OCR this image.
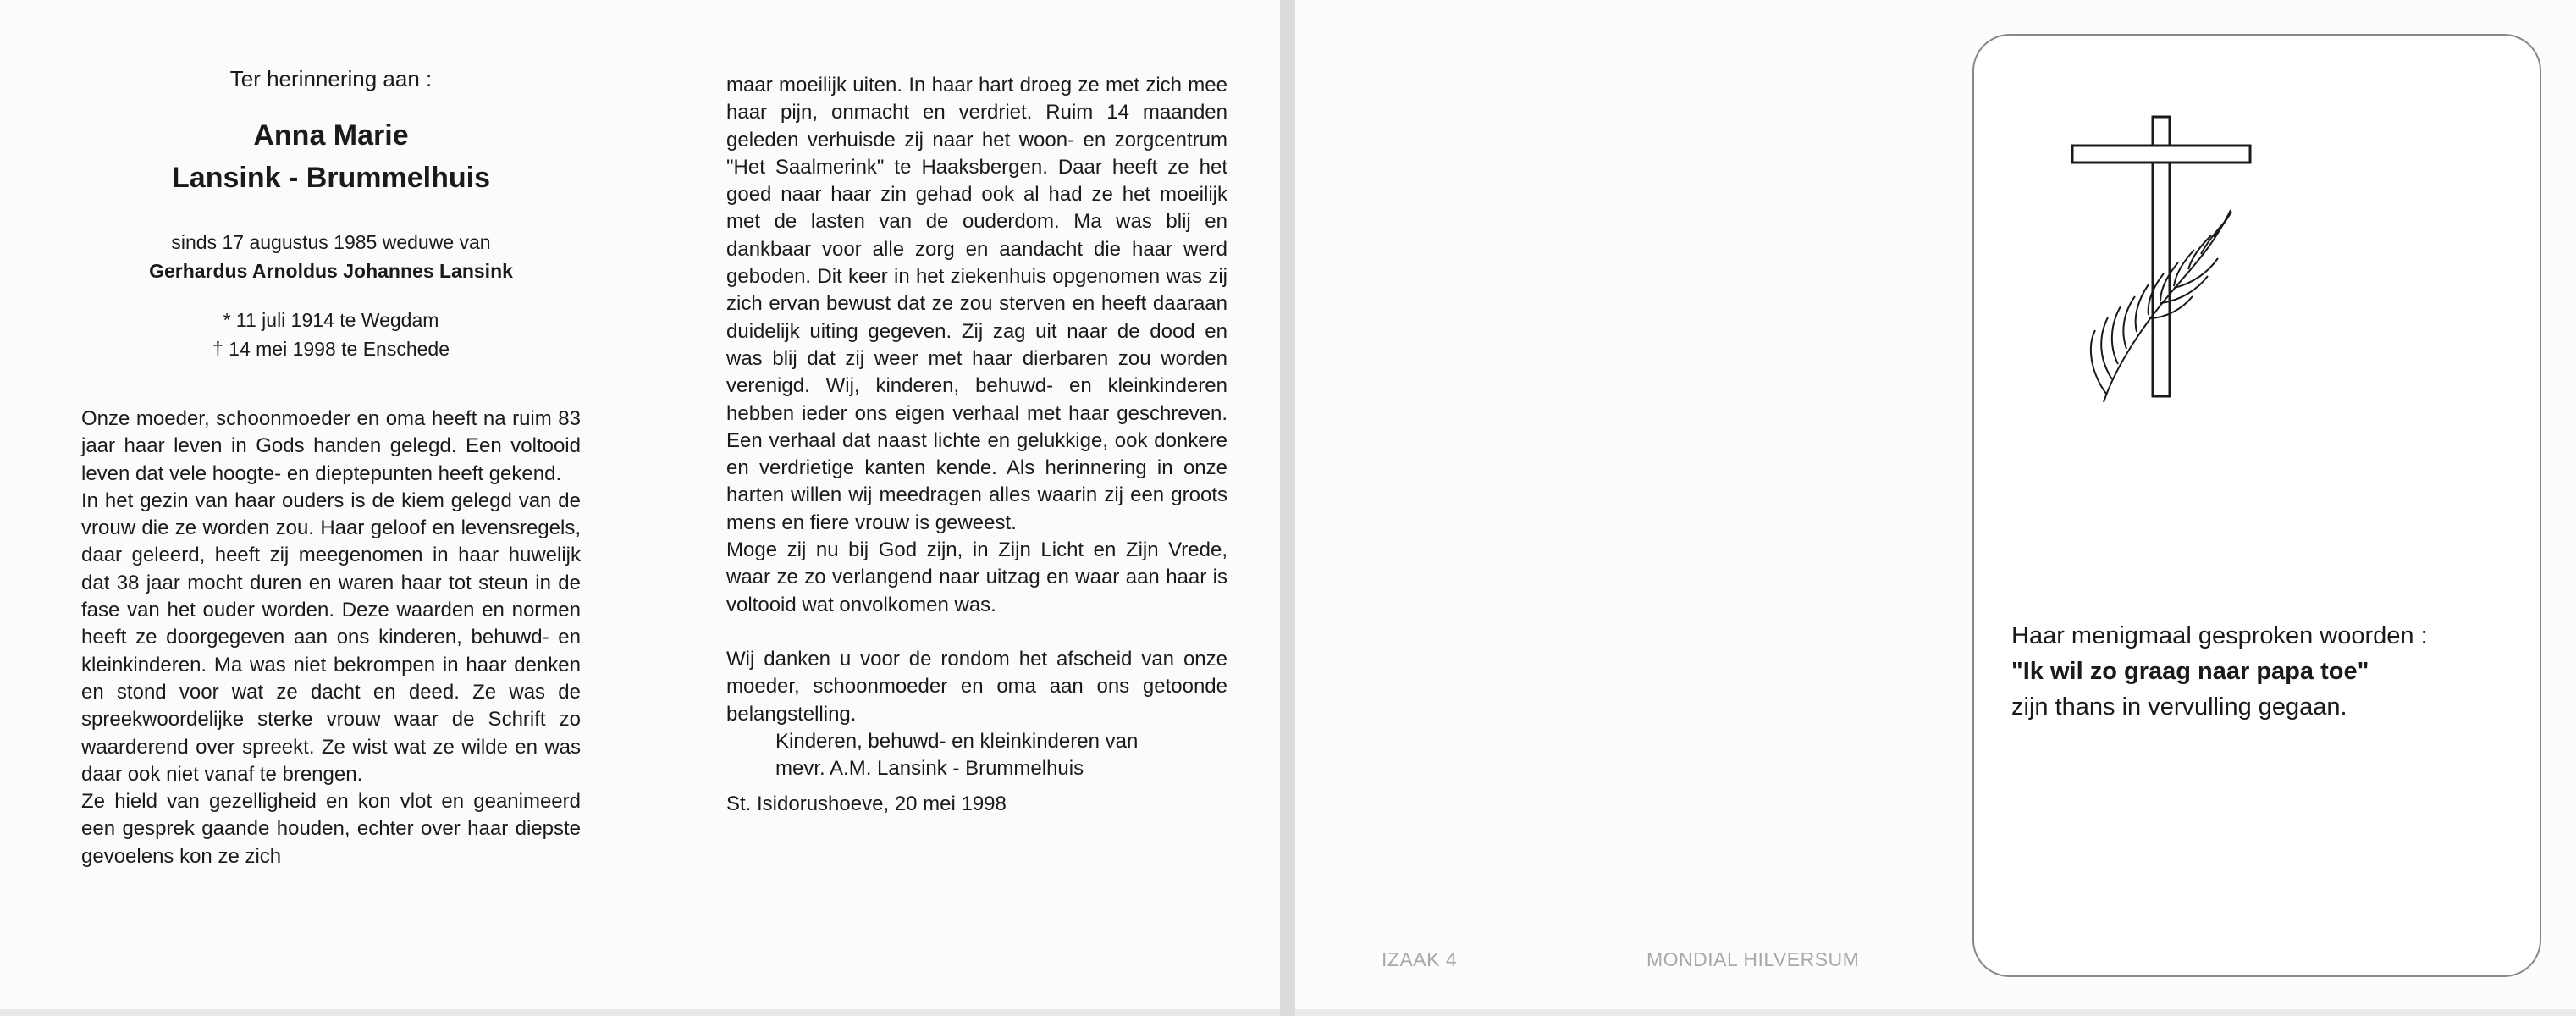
Ter herinnering aan :
Anna Marie
Lansink - Brummelhuis
sinds 17 augustus 1985 weduwe van
Gerhardus Arnoldus Johannes Lansink
* 11 juli 1914 te Wegdam
† 14 mei 1998 te Enschede

Onze moeder, schoonmoeder en oma heeft na ruim 83 jaar haar leven in Gods handen gelegd. Een voltooid leven dat vele hoogte- en dieptepunten heeft gekend.

In het gezin van haar ouders is de kiem gelegd van de vrouw die ze worden zou. Haar geloof en levensregels, daar geleerd, heeft zij meegenomen in haar huwelijk dat 38 jaar mocht duren en waren haar tot steun in de fase van het ouder worden. Deze waarden en normen heeft ze doorgegeven aan ons kinderen, behuwd- en kleinkinderen. Ma was niet bekrompen in haar denken en stond voor wat ze dacht en deed. Ze was de spreekwoordelijke sterke vrouw waar de Schrift zo waarderend over spreekt. Ze wist wat ze wilde en was daar ook niet vanaf te brengen.

Ze hield van gezelligheid en kon vlot en geanimeerd een gesprek gaande houden, echter over haar diepste gevoelens kon ze zich

maar moeilijk uiten. In haar hart droeg ze met zich mee haar pijn, onmacht en verdriet. Ruim 14 maanden geleden verhuisde zij naar het woon- en zorgcentrum "Het Saalmerink" te Haaksbergen. Daar heeft ze het goed naar haar zin gehad ook al had ze het moeilijk met de lasten van de ouderdom. Ma was blij en dankbaar voor alle zorg en aandacht die haar werd geboden. Dit keer in het ziekenhuis opgenomen was zij zich ervan bewust dat ze zou sterven en heeft daaraan duidelijk uiting gegeven. Zij zag uit naar de dood en was blij dat zij weer met haar dierbaren zou worden verenigd. Wij, kinderen, behuwd- en kleinkinderen hebben ieder ons eigen verhaal met haar geschreven. Een verhaal dat naast lichte en gelukkige, ook donkere en verdrietige kanten kende. Als herinnering in onze harten willen wij meedragen alles waarin zij een groots mens en fiere vrouw is geweest.

Moge zij nu bij God zijn, in Zijn Licht en Zijn Vrede, waar ze zo verlangend naar uitzag en waar aan haar is voltooid wat onvolkomen was.

Wij danken u voor de rondom het afscheid van onze moeder, schoonmoeder en oma aan ons getoonde belangstelling.

Kinderen, behuwd- en kleinkinderen van
mevr. A.M. Lansink - Brummelhuis
St. Isidorushoeve, 20 mei 1998
IZAAK 4	MONDIAL HILVERSUM
Haar menigmaal gesproken woorden :
"Ik wil zo graag naar papa toe"
zijn thans in vervulling gegaan.
